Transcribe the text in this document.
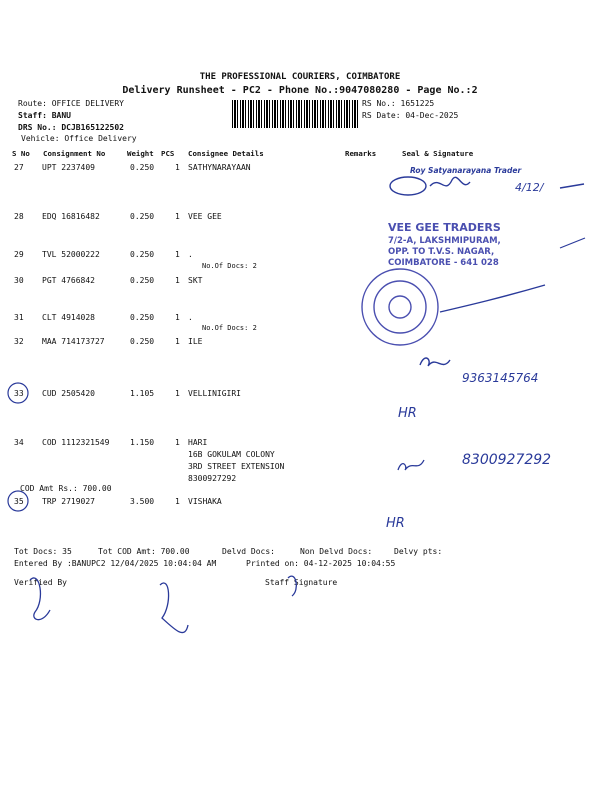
THE PROFESSIONAL COURIERS, COIMBATORE
Delivery Runsheet - PC2 - Phone No.:9047080280 - Page No.:2
Route: OFFICE DELIVERY
Staff: BANU
DRS No.: DCJB165122502
Vehicle: Office Delivery
RS No.: 1651225
RS Date: 04-Dec-2025
S No Consignment No	Weight PCS Consignee Details	Remarks	Seal & Signature
27 UPT 2237409	0.250	1 SATHYNARAYAAN
28 EDQ 16816482	0.250	1 VEE GEE
29 TVL 52000222	0.250	1 .
No.Of Docs: 2
30 PGT 4766842	0.250	1 SKT
31 CLT 4914028	0.250	1 .
No.Of Docs: 2
32 MAA 714173727	0.250	1 ILE
33 CUD 2505420	1.105	1 VELLINIGIRI
34 COD 1112321549	1.150	1 HARI
16B GOKULAM COLONY
3RD STREET EXTENSION
8300927292
COD Amt Rs.: 700.00
35 TRP 2719027	3.500	1 VISHAKA
Tot Docs: 35	Tot COD Amt: 700.00	Delvd Docs:	Non Delvd Docs:	Delvy pts:
Entered By :BANUPC2 12/04/2025 10:04:04 AM	Printed on: 04-12-2025 10:04:55
Verified By	Staff Signature
Roy Satyanarayana Trader
4/12/
VEE GEE TRADERS
7/2-A, LAKSHMIPURAM,
OPP. TO T.V.S. NAGAR,
COIMBATORE - 641 028
9363145764
HR
8300927292
HR
